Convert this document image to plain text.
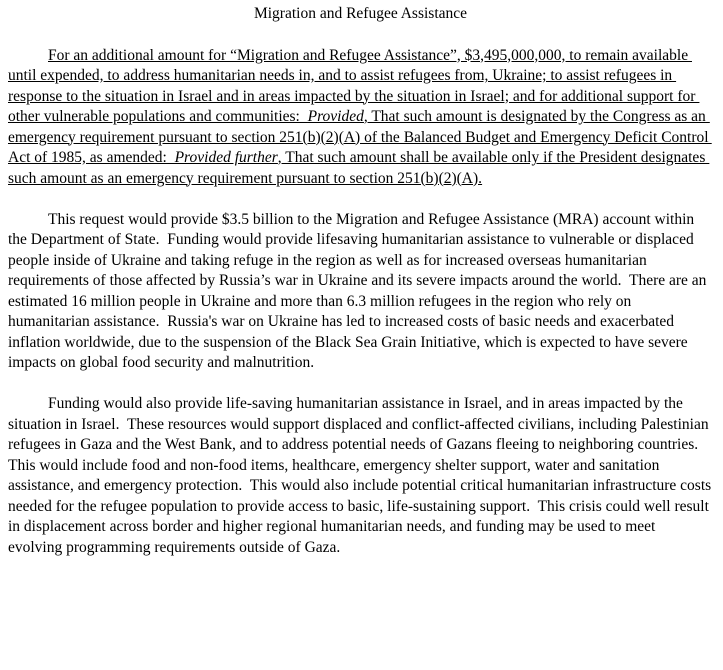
Migration and Refugee Assistance

For an additional amount for “Migration and Refugee Assistance”, $3,495,000,000, to remain available until expended, to address humanitarian needs in, and to assist refugees from, Ukraine; to assist refugees in response to the situation in Israel and in areas impacted by the situation in Israel; and for additional support for other vulnerable populations and communities:  Provided, That such amount is designated by the Congress as an emergency requirement pursuant to section 251(b)(2)(A) of the Balanced Budget and Emergency Deficit Control Act of 1985, as amended:  Provided further, That such amount shall be available only if the President designates such amount as an emergency requirement pursuant to section 251(b)(2)(A).

This request would provide $3.5 billion to the Migration and Refugee Assistance (MRA) account within the Department of State.  Funding would provide lifesaving humanitarian assistance to vulnerable or displaced people inside of Ukraine and taking refuge in the region as well as for increased overseas humanitarian requirements of those affected by Russia’s war in Ukraine and its severe impacts around the world.  There are an estimated 16 million people in Ukraine and more than 6.3 million refugees in the region who rely on humanitarian assistance.  Russia's war on Ukraine has led to increased costs of basic needs and exacerbated inflation worldwide, due to the suspension of the Black Sea Grain Initiative, which is expected to have severe impacts on global food security and malnutrition.

Funding would also provide life-saving humanitarian assistance in Israel, and in areas impacted by the situation in Israel.  These resources would support displaced and conflict-affected civilians, including Palestinian refugees in Gaza and the West Bank, and to address potential needs of Gazans fleeing to neighboring countries.  This would include food and non-food items, healthcare, emergency shelter support, water and sanitation assistance, and emergency protection.  This would also include potential critical humanitarian infrastructure costs needed for the refugee population to provide access to basic, life-sustaining support.  This crisis could well result in displacement across border and higher regional humanitarian needs, and funding may be used to meet evolving programming requirements outside of Gaza.
